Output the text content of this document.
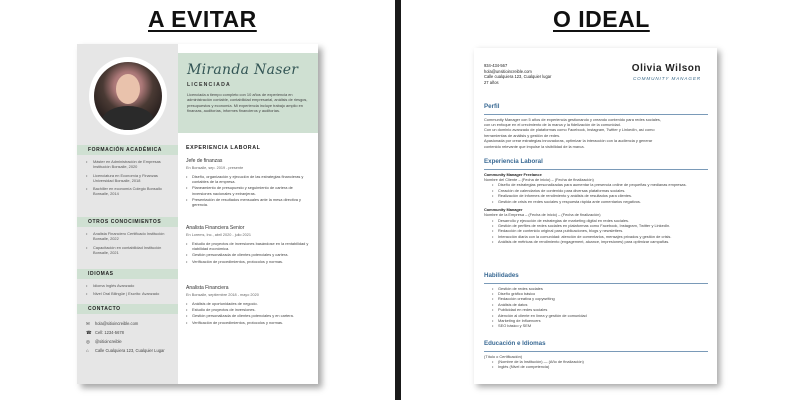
A EVITAR	O IDEAL
Miranda Naser
LICENCIADA
Licenciada a tiempo completo con 10 años de experiencia en administración contable, contabilidad empresarial, análisis de riesgos, presupuestos y economía. Mi experiencia incluye trabajo amplio en finanzas, auditorías, informes financieros y auditorías.
FORMACIÓN ACADÉMICA
• Máster en Administración de Empresas Institución Bonsalle, 2020
• Licenciatura en Economía y Finanzas Universidad Bonsalle, 2018
• Bachiller en economía Colegio Bonsallo Bonsalle, 2014
OTROS CONOCIMIENTOS
• Analista Financiero Certificado Institución Bonsalle, 2022
• Capacitación en contabilidad Institución Bonsalle, 2021
IDIOMAS
• Idioma Inglés Avanzado
• Nivel Oral Bilingüe | Escrito: Avanzado
CONTACTO
✉	hola@sitioincreible.com
☎ Cell: 1234-5678
◎	@sitioincreible
⌂	Calle Cualquiera 123, Cualquier Lugar
EXPERIENCIA LABORAL
Jefe de finanzas
En Bonsalle, sep. 2019 - presente
• Diseño, organización y ejecución de las estrategias financieras y contables de la empresa.
• Planeamiento de presupuesto y seguimiento de cartera de inversiones nacionales y extranjeras.
• Presentación de resultados mensuales ante la mesa directiva y gerencia.
Analista Financiera Senior
En Lorems, Inc., abril 2020 - julio 2021
• Estudio de proyectos de inversiones basándose en la rentabilidad y viabilidad económica.
• Gestión personalizada de clientes potenciales y cartera.
• Verificación de procedimientos, protocolos y normas.
Analista Financiera
En Bonsalle, septiembre 2018 - mayo 2020
• Análisis de oportunidades de negocio.
• Estudio de proyectos de inversiones.
• Gestión personalizada de clientes potenciales y en cartera.
• Verificación de procedimientos, protocolos y normas.
934-434-567
hola@unsitioincreible.com
Calle cualquiera 123, Cualquier lugar
27 años
Olivia Wilson
COMMUNITY MANAGER
Perfil

Community Manager con 5 años de experiencia gestionando y creando contenido para redes sociales,

con un enfoque en el crecimiento de la marca y la fidelización de la comunidad.

Con un dominio avanzado de plataformas como Facebook, Instagram, Twitter y LinkedIn, así como

herramientas de análisis y gestión de redes.

Apasionada por crear estrategias innovadoras, optimizar la interacción con la audiencia y generar

contenido relevante que impulse la visibilidad de la marca.

Experiencia Laboral
Community Manager Freelance
Nombre del Cliente – (Fecha de inicio) – (Fecha de finalización)
• Diseño de estrategias personalizadas para aumentar la presencia online de pequeñas y medianas empresas.
• Creación de calendarios de contenido para diversas plataformas sociales.
• Realización de informes de rendimiento y análisis de resultados para clientes.
• Gestión de crisis en redes sociales y respuesta rápida ante comentarios negativos.
Community Manager
Nombre de la Empresa – (Fecha de inicio) – (Fecha de finalización)
• Desarrollo y ejecución de estrategias de marketing digital en redes sociales.
• Gestión de perfiles de redes sociales en plataformas como Facebook, Instagram, Twitter y LinkedIn.
• Redacción de contenido original para publicaciones, blogs y newsletters.
• Interacción diaria con la comunidad: atención de comentarios, mensajes privados y gestión de crisis.
• Análisis de métricas de rendimiento (engagement, alcance, impresiones) para optimizar campañas.
Habilidades
• Gestión de redes sociales
• Diseño gráfico básico
• Redacción creativa y copywriting
• Análisis de datos
• Publicidad en redes sociales
• Atención al cliente en línea y gestión de comunidad
• Marketing de Influencers
• SEO básico y SEM
Educación e Idiomas

(Título o Certificación)

• (Nombre de la Institución) — (Año de finalización)
• Inglés (Nivel de competencia)
